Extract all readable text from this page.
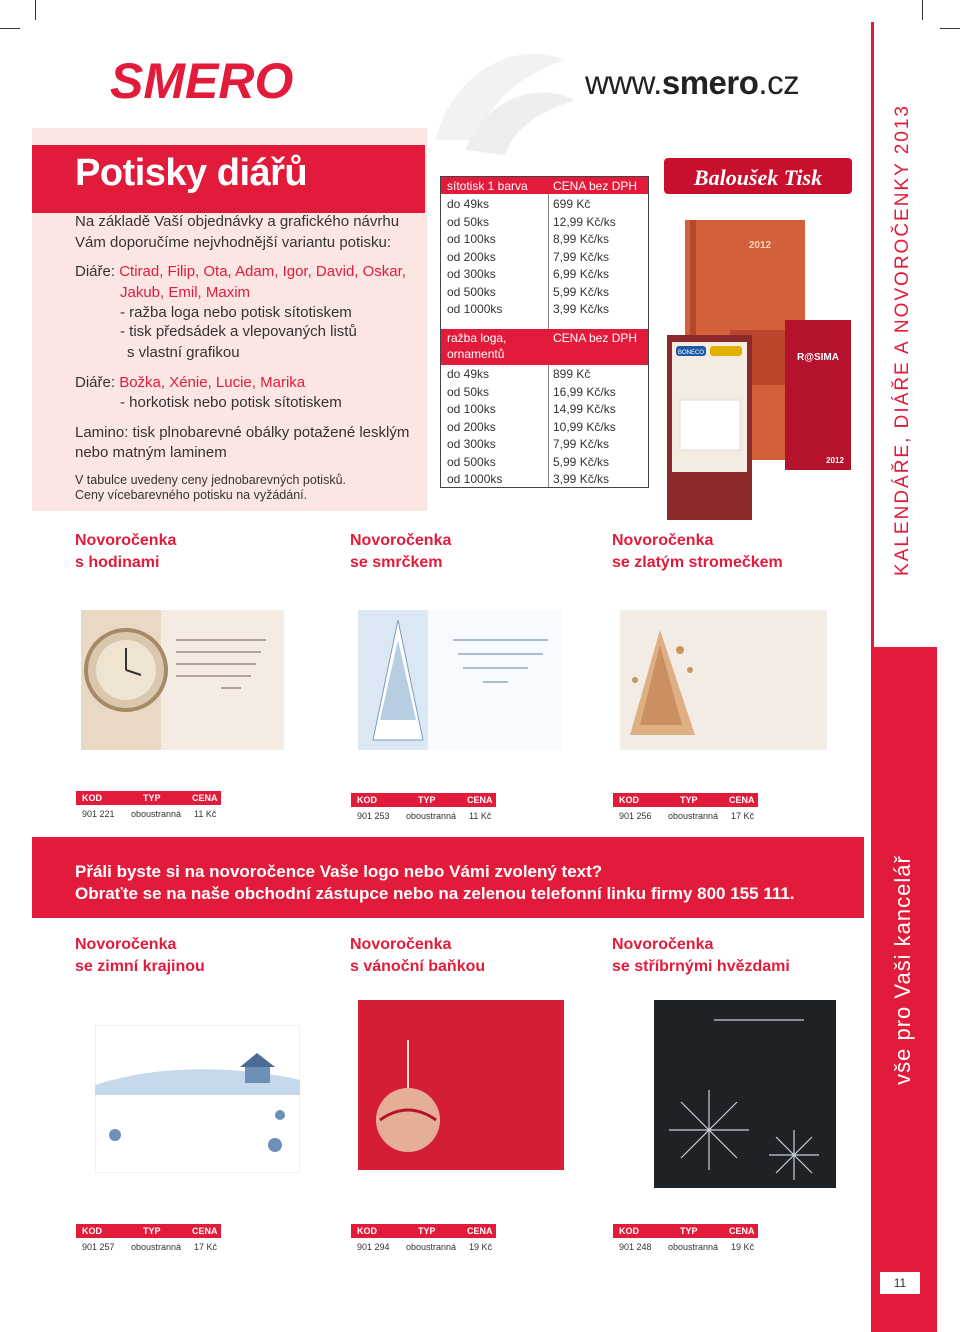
SMERO	www.smero.cz
Potisky diářů
Na základě Vaší objednávky a grafického návrhu
Vám doporučíme nejvhodnější variantu potisku:
Diáře: Ctirad, Filip, Ota, Adam, Igor, David, Oskar,
Jakub, Emil, Maxim
- ražba loga nebo potisk sítotiskem
- tisk předsádek a vlepovaných listů
s vlastní grafikou
Diáře: Božka, Xénie, Lucie, Marika
- horkotisk nebo potisk sítotiskem
Lamino: tisk plnobarevné obálky potažené lesklým
nebo matným laminem
V tabulce uvedeny ceny jednobarevných potisků.
Ceny vícebarevného potisku na vyžádání.
sítotisk 1 barva CENA bez DPH
do 49ks	699 Kč
od 50ks	12,99 Kč/ks
od 100ks	8,99 Kč/ks
od 200ks	7,99 Kč/ks
od 300ks	6,99 Kč/ks
od 500ks	5,99 Kč/ks
od 1000ks	3,99 Kč/ks
ražba loga,
ornamentů
CENA bez DPH
do 49ks	899 Kč
od 50ks	16,99 Kč/ks
od 100ks	14,99 Kč/ks
od 200ks	10,99 Kč/ks
od 300ks	7,99 Kč/ks
od 500ks	5,99 Kč/ks
od 1000ks	3,99 Kč/ks
Baloušek Tisk
2012
BONECO	R@SIMA
2012
Novoročenka
s hodinami
Novoročenka
se smrčkem
Novoročenka
se zlatým stromečkem
KOD	TYP	CENA
901 221 oboustranná 11 Kč
KOD	TYP	CENA
901 253 oboustranná 11 Kč
KOD	TYP	CENA
901 256 oboustranná 17 Kč
Přáli byste si na novoročence Vaše logo nebo Vámi zvolený text?
Obraťte se na naše obchodní zástupce nebo na zelenou telefonní linku firmy 800 155 111.
Novoročenka
se zimní krajinou
Novoročenka
s vánoční baňkou
Novoročenka
se stříbrnými hvězdami
KOD	TYP	CENA
901 257 oboustranná 17 Kč
KOD	TYP	CENA
901 294 oboustranná 19 Kč
KOD	TYP	CENA
901 248 oboustranná 19 Kč
KALENDÁŘE, DIÁŘE A NOVOROČENKY 2013
vše pro Vaši kancelář
11
